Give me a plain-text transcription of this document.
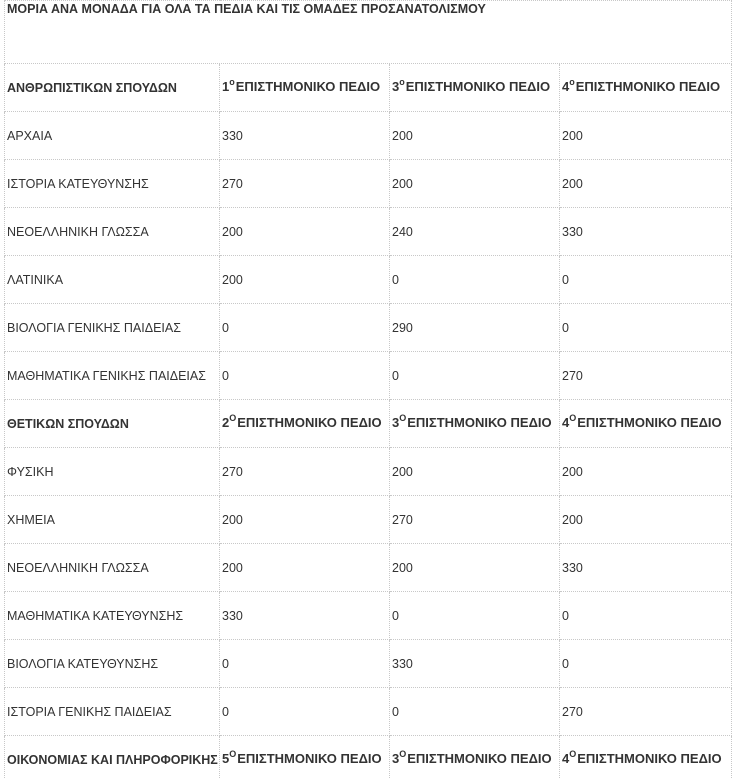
ΜΟΡΙΑ ΑΝΑ ΜΟΝΑΔΑ ΓΙΑ ΟΛΑ ΤΑ ΠΕΔΙΑ ΚΑΙ ΤΙΣ ΟΜΑΔΕΣ ΠΡΟΣΑΝΑΤΟΛΙΣΜΟΥ			
ΑΝΘΡΩΠΙΣΤΙΚΩΝ ΣΠΟΥΔΩΝ	$1^oE\Pi I\Sigma THMONIKO$ ΠΕΔΙΟ	$3^oE\Pi I\Sigma THMONIKO$ ΠΕΔΙΟ	$4^oE\Pi I\Sigma THMONIKO$ ΠΕΔΙΟ
ΑΡΧΑΙΑ	330	200	200
ΙΣΤΟΡΙΑ ΚΑΤΕΥΘΥΝΣΗΣ	270	200	200
ΝΕΟΕΛΛΗΝΙΚΗ ΓΛΩΣΣΑ	200	240	330
ΛΑΤΙΝΙΚΑ	200	0	0
ΒΙΟΛΟΓΙΑ ΓΕΝΙΚΗΣ ΠΑΙΔΕΙΑΣ	0	290	0
ΜΑΘΗΜΑΤΙΚΑ ΓΕΝΙΚΗΣ ΠΑΙΔΕΙΑΣ	0	0	270
ΘΕΤΙΚΩΝ ΣΠΟΥΔΩΝ	$2^OE\Pi I\Sigma THMONIKO$ ΠΕΔΙΟ	$3^OE\Pi I\Sigma THMONIKO$ ΠΕΔΙΟ	$4^OE\Pi I\Sigma THMONIKO$ ΠΕΔΙΟ
ΦΥΣΙΚΗ	270	200	200
ΧΗΜΕΙΑ	200	270	200
ΝΕΟΕΛΛΗΝΙΚΗ ΓΛΩΣΣΑ	200	200	330
ΜΑΘΗΜΑΤΙΚΑ ΚΑΤΕΥΘΥΝΣΗΣ	330	0	0
ΒΙΟΛΟΓΙΑ ΚΑΤΕΥΘΥΝΣΗΣ	0	330	0
ΙΣΤΟΡΙΑ ΓΕΝΙΚΗΣ ΠΑΙΔΕΙΑΣ	0	0	270
ΟΙΚΟΝΟΜΙΑΣ ΚΑΙ ΠΛΗΡΟΦΟΡΙΚΗΣ	$5^OE\Pi I\Sigma THMONIKO$ ΠΕΔΙΟ	$3^OE\Pi I\Sigma THMONIKO$ ΠΕΔΙΟ	$4^OE\Pi I\Sigma THMONIKO$ ΠΕΔΙΟ
